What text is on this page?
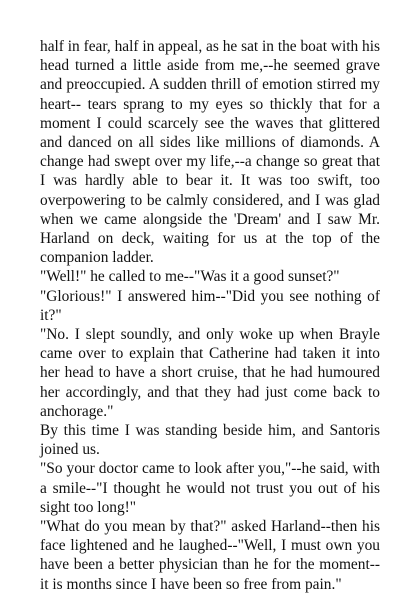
half in fear, half in appeal, as he sat in the boat with his head turned a little aside from me,--he seemed grave and preoccupied. A sudden thrill of emotion stirred my heart-- tears sprang to my eyes so thickly that for a moment I could scarcely see the waves that glittered and danced on all sides like millions of diamonds. A change had swept over my life,--a change so great that I was hardly able to bear it. It was too swift, too overpowering to be calmly considered, and I was glad when we came alongside the 'Dream' and I saw Mr. Harland on deck, waiting for us at the top of the companion ladder.

"Well!" he called to me--"Was it a good sunset?"

"Glorious!" I answered him--"Did you see nothing of it?"

"No. I slept soundly, and only woke up when Brayle came over to explain that Catherine had taken it into her head to have a short cruise, that he had humoured her accordingly, and that they had just come back to anchorage."

By this time I was standing beside him, and Santoris joined us.

"So your doctor came to look after you,"--he said, with a smile--"I thought he would not trust you out of his sight too long!"

"What do you mean by that?" asked Harland--then his face lightened and he laughed--"Well, I must own you have been a better physician than he for the moment--it is months since I have been so free from pain."
